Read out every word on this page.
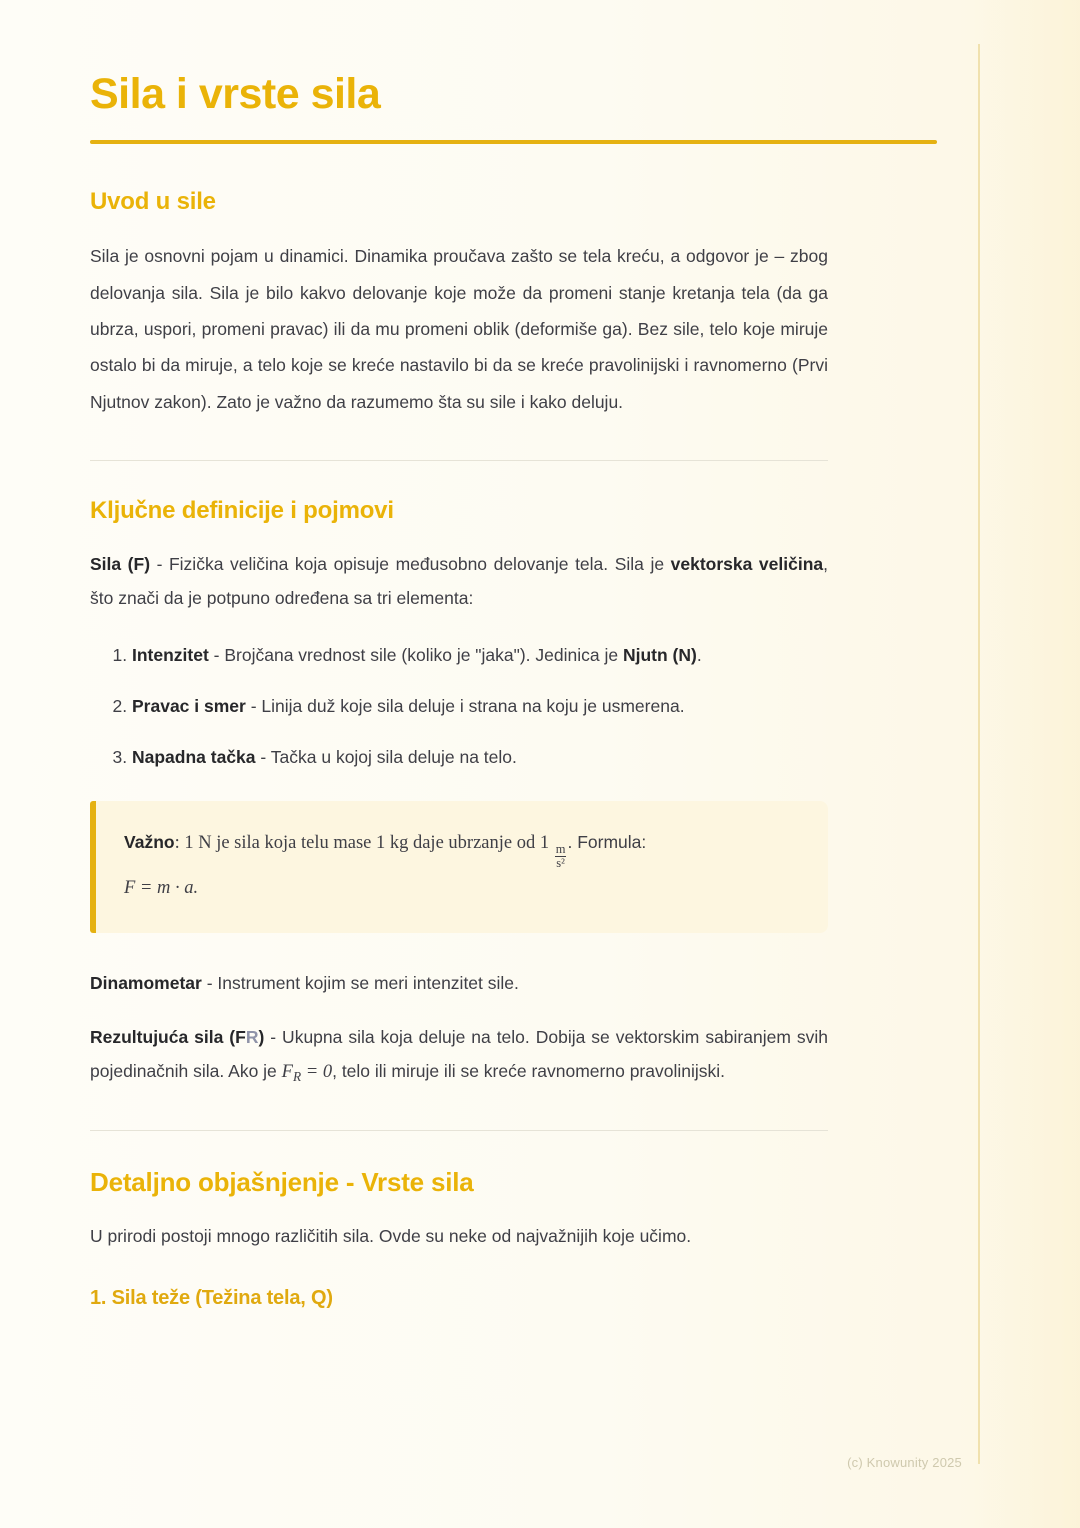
Sila i vrste sila
Uvod u sile

Sila je osnovni pojam u dinamici. Dinamika proučava zašto se tela kreću, a odgovor je – zbog delovanja sila. Sila je bilo kakvo delovanje koje može da promeni stanje kretanja tela (da ga ubrza, uspori, promeni pravac) ili da mu promeni oblik (deformiše ga). Bez sile, telo koje miruje ostalo bi da miruje, a telo koje se kreće nastavilo bi da se kreće pravolinijski i ravnomerno (Prvi Njutnov zakon). Zato je važno da razumemo šta su sile i kako deluju.

Ključne definicije i pojmovi

Sila (F) - Fizička veličina koja opisuje međusobno delovanje tela. Sila je vektorska veličina, što znači da je potpuno određena sa tri elementa:

1. Intenzitet - Brojčana vrednost sile (koliko je "jaka"). Jedinica je Njutn (N).
2. Pravac i smer - Linija duž koje sila deluje i strana na koju je usmerena.
3. Napadna tačka - Tačka u kojoj sila deluje na telo.

Važno: 1 N je sila koja telu mase 1 kg daje ubrzanje od 1
$\frac{m}{\text{s²}}$
. Formula:
F = m · a.

Dinamometar - Instrument kojim se meri intenzitet sile.

Rezultujuća sila (FR) - Ukupna sila koja deluje na telo. Dobija se vektorskim sabiranjem svih pojedinačnih sila. Ako je $F_R = 0$, telo ili miruje ili se kreće ravnomerno pravolinijski.

Detaljno objašnjenje - Vrste sila

U prirodi postoji mnogo različitih sila. Ovde su neke od najvažnijih koje učimo.

1. Sila teže (Težina tela, Q)
(c) Knowunity 2025
